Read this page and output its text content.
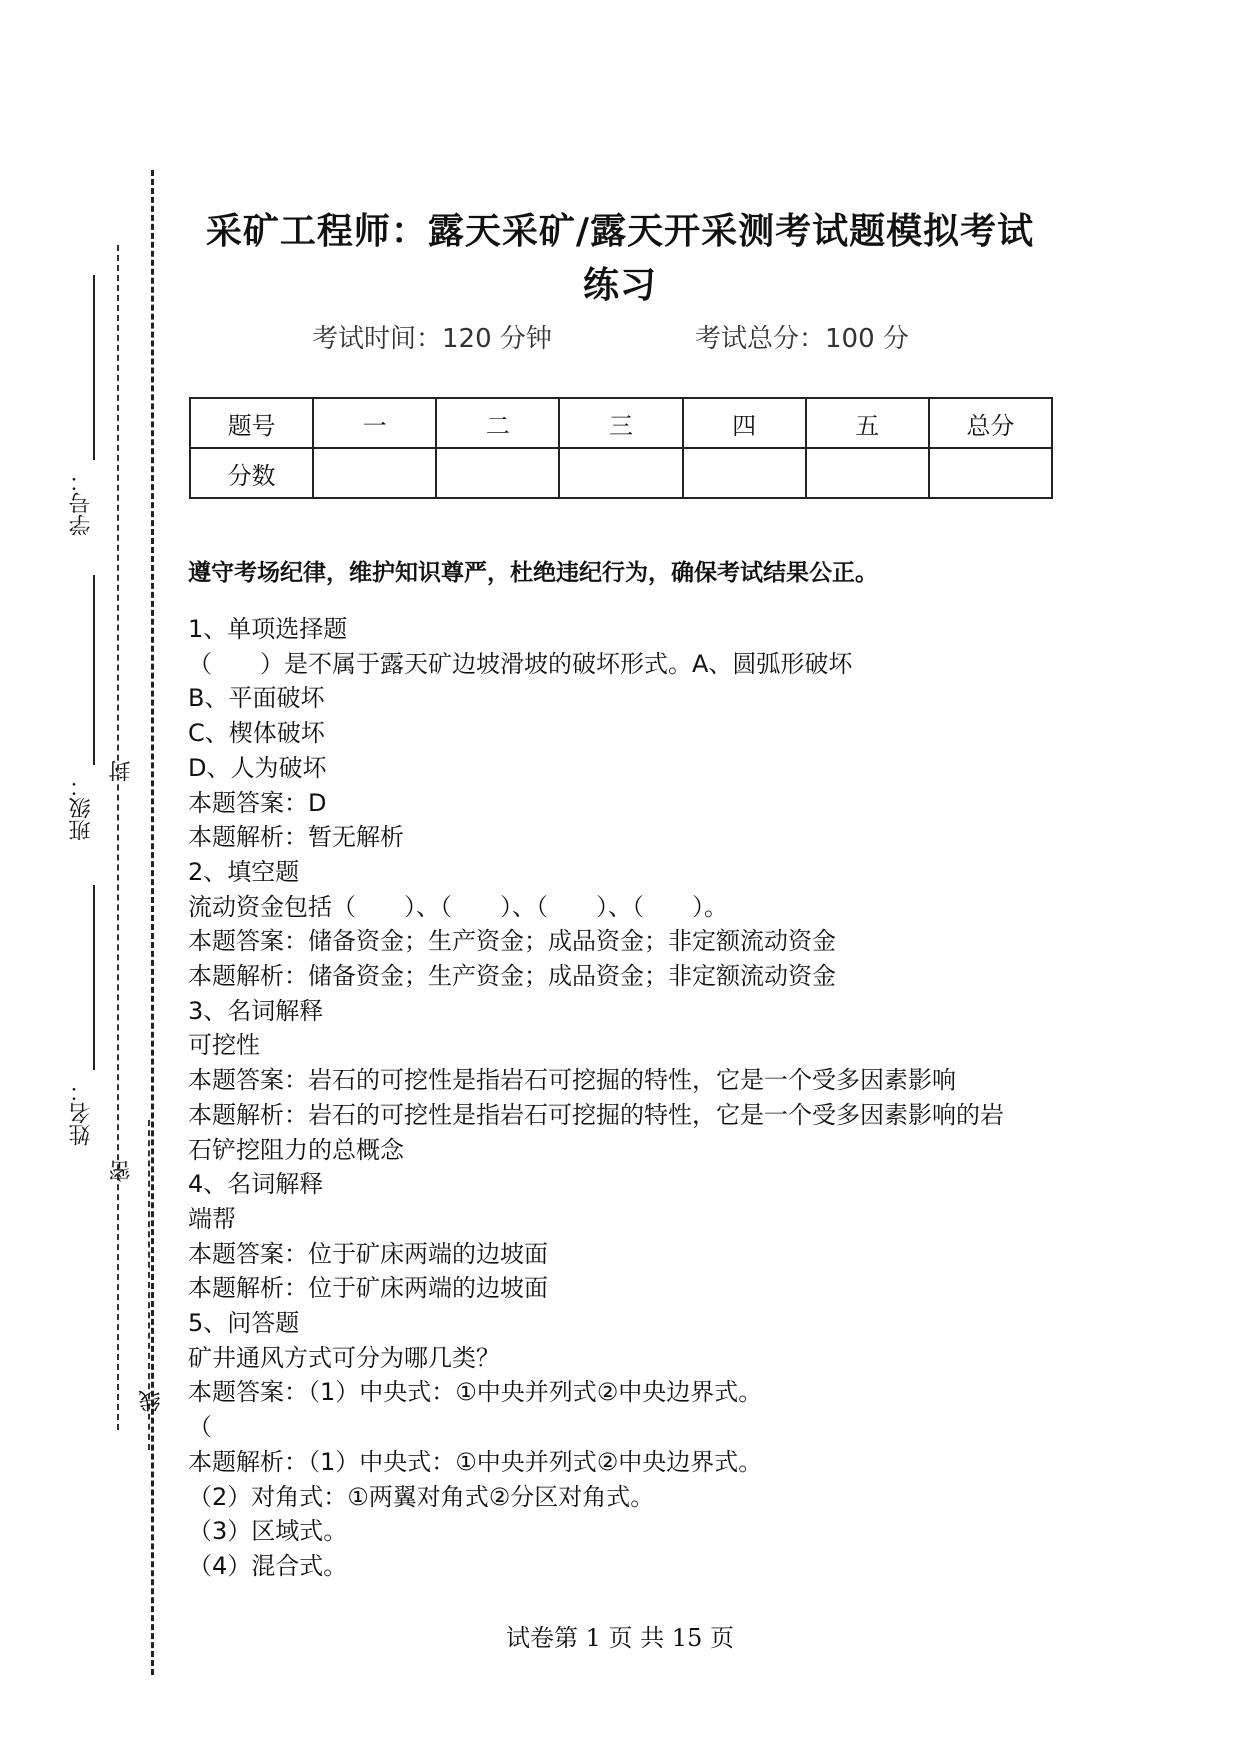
学号：
班级：
姓名：
封
密
线
采矿工程师：露天采矿/露天开采测考试题模拟考试练习
考试时间：120 分钟	考试总分：100 分
题号	一	二	三	四	五	总分
分数						
遵守考场纪律，维护知识尊严，杜绝违纪行为，确保考试结果公正。
1、单项选择题
（　　）是不属于露天矿边坡滑坡的破坏形式。A、圆弧形破坏
B、平面破坏
C、楔体破坏
D、人为破坏
本题答案：D
本题解析：暂无解析
2、填空题
流动资金包括（　　）、（　　）、（　　）、（　　）。
本题答案：储备资金；生产资金；成品资金；非定额流动资金
本题解析：储备资金；生产资金；成品资金；非定额流动资金
3、名词解释
可挖性
本题答案：岩石的可挖性是指岩石可挖掘的特性，它是一个受多因素影响
本题解析：岩石的可挖性是指岩石可挖掘的特性，它是一个受多因素影响的岩
石铲挖阻力的总概念
4、名词解释
端帮
本题答案：位于矿床两端的边坡面
本题解析：位于矿床两端的边坡面
5、问答题
矿井通风方式可分为哪几类？
本题答案：（1）中央式：①中央并列式②中央边界式。
（
本题解析：（1）中央式：①中央并列式②中央边界式。
（2）对角式：①两翼对角式②分区对角式。
（3）区域式。
（4）混合式。
试卷第 1 页 共 15 页
